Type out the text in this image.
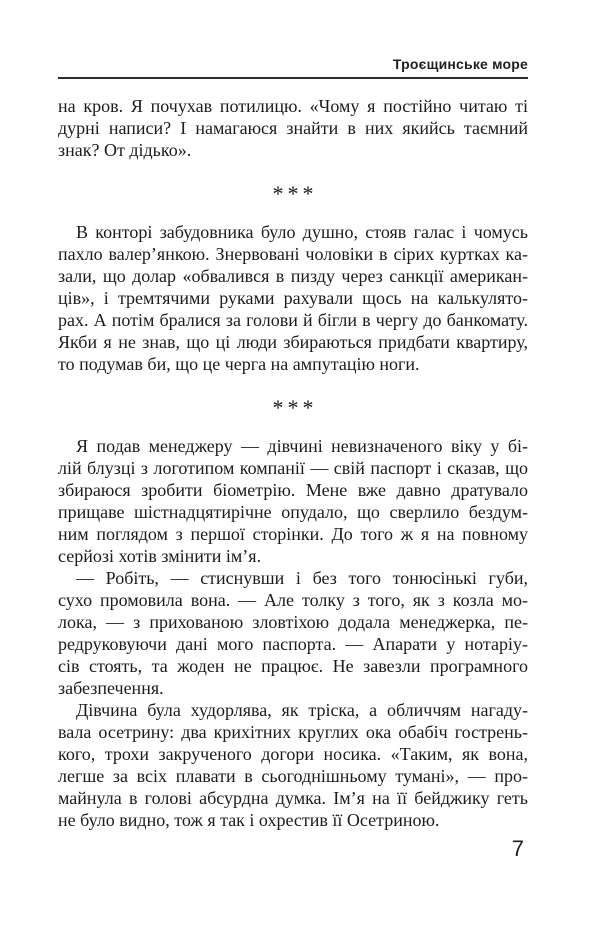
Троєщинське море
на кров. Я почухав потилицю. «Чому я постійно читаю ті
дурні написи? І намагаюся знайти в них якийсь таємний
знак? От дідько».
***
В конторі забудовника було душно, стояв галас і чомусь
пахло валер’янкою. Знервовані чоловіки в сірих куртках ка-
зали, що долар «обвалився в пизду через санкції американ-
ців», і тремтячими руками рахували щось на калькулято-
рах. А потім бралися за голови й бігли в чергу до банкомату.
Якби я не знав, що ці люди збираються придбати квартиру,
то подумав би, що це черга на ампутацію ноги.
***
Я подав менеджеру — дівчині невизначеного віку у бі-
лій блузці з логотипом компанії — свій паспорт і сказав, що
збираюся зробити біометрію. Мене вже давно дратувало
прищаве шістнадцятирічне опудало, що сверлило бездум-
ним поглядом з першої сторінки. До того ж я на повному
серйозі хотів змінити ім’я.
— Робіть, — стиснувши і без того тонюсінькі губи,
сухо промовила вона. — Але толку з того, як з козла мо-
лока, — з прихованою зловтіхою додала менеджерка, пе-
редруковуючи дані мого паспорта. — Апарати у нотаріу-
сів стоять, та жоден не працює. Не завезли програмного
забезпечення.
Дівчина була худорлява, як тріска, а обличчям нагаду-
вала осетрину: два крихітних круглих ока обабіч гострень-
кого, трохи закрученого догори носика. «Таким, як вона,
легше за всіх плавати в сьогоднішньому тумані», — про-
майнула в голові абсурдна думка. Ім’я на її бейджику геть
не було видно, тож я так і охрестив її Осетриною.
7
